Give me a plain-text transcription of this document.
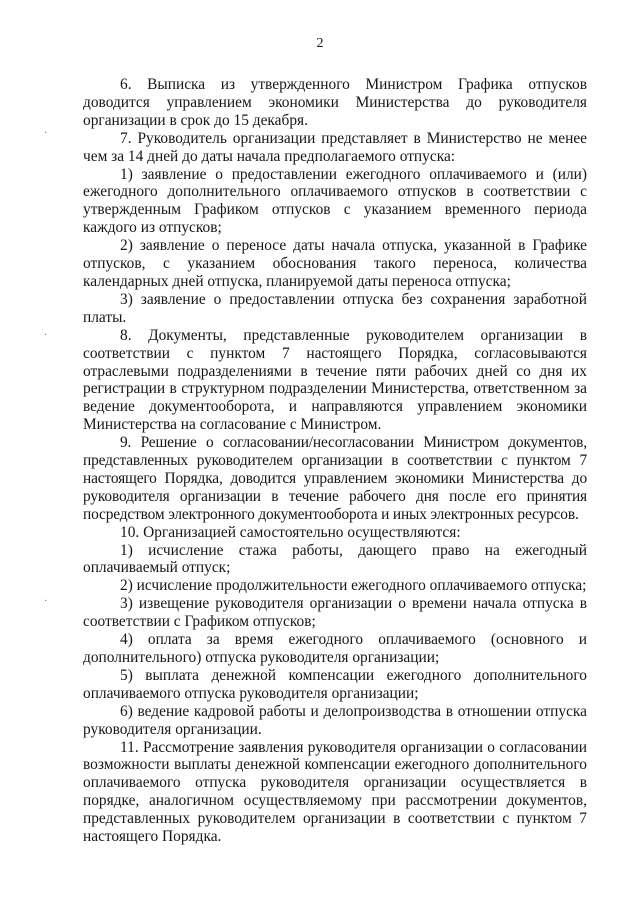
2
·
·
·

6. Выписка из утвержденного Министром Графика отпусков доводится управлением экономики Министерства до руководителя организации в срок до 15 декабря.

7. Руководитель организации представляет в Министерство не менее чем за 14 дней до даты начала предполагаемого отпуска:

1) заявление о предоставлении ежегодного оплачиваемого и (или) ежегодного дополнительного оплачиваемого отпусков в соответствии с утвержденным Графиком отпусков с указанием временного периода каждого из отпусков;

2) заявление о переносе даты начала отпуска, указанной в Графике отпусков, с указанием обоснования такого переноса, количества календарных дней отпуска, планируемой даты переноса отпуска;

3) заявление о предоставлении отпуска без сохранения заработной платы.

8. Документы, представленные руководителем организации в соответствии с пунктом 7 настоящего Порядка, согласовываются отраслевыми подразделениями в течение пяти рабочих дней со дня их регистрации в структурном подразделении Министерства, ответственном за ведение документооборота, и направляются управлением экономики Министерства на согласование с Министром.

9. Решение о согласовании/несогласовании Министром документов, представленных руководителем организации в соответствии с пунктом 7 настоящего Порядка, доводится управлением экономики Министерства до руководителя организации в течение рабочего дня после его принятия посредством электронного документооборота и иных электронных ресурсов.

10. Организацией самостоятельно осуществляются:

1) исчисление стажа работы, дающего право на ежегодный оплачиваемый отпуск;

2) исчисление продолжительности ежегодного оплачиваемого отпуска;

3) извещение руководителя организации о времени начала отпуска в соответствии с Графиком отпусков;

4) оплата за время ежегодного оплачиваемого (основного и дополнительного) отпуска руководителя организации;

5) выплата денежной компенсации ежегодного дополнительного оплачиваемого отпуска руководителя организации;

6) ведение кадровой работы и делопроизводства в отношении отпуска руководителя организации.

11. Рассмотрение заявления руководителя организации о согласовании возможности выплаты денежной компенсации ежегодного дополнительного оплачиваемого отпуска руководителя организации осуществляется в порядке, аналогичном осуществляемому при рассмотрении документов, представленных руководителем организации в соответствии с пунктом 7 настоящего Порядка.
